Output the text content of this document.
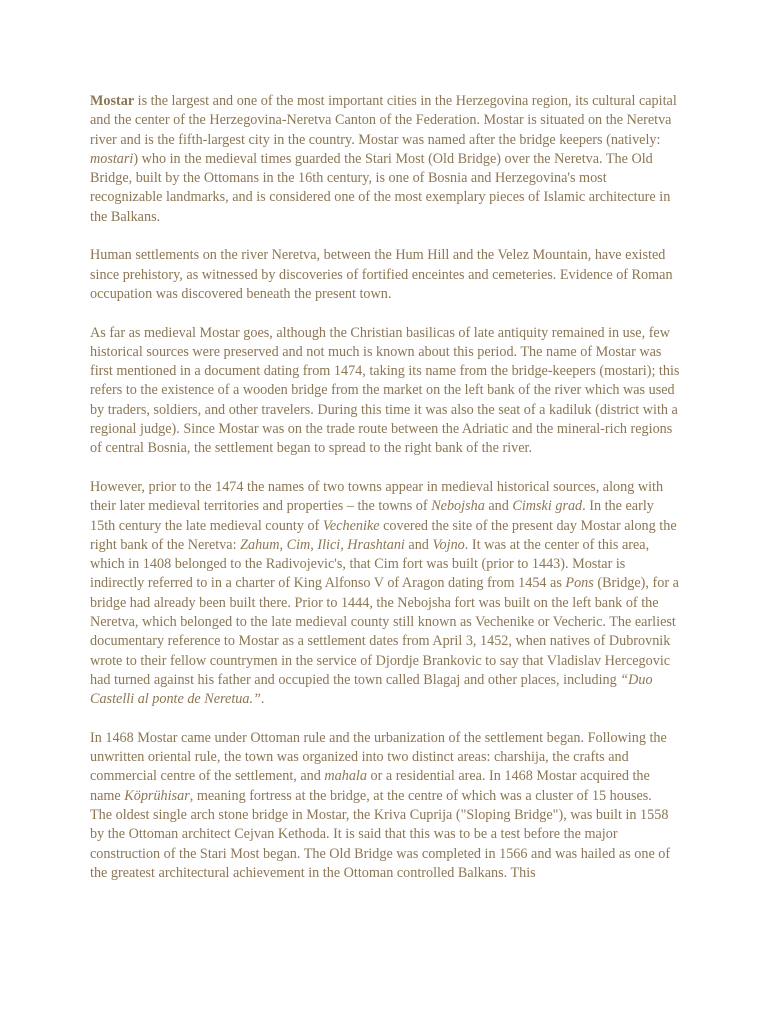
Mostar is the largest and one of the most important cities in the Herzegovina region, its cultural capital and the center of the Herzegovina-Neretva Canton of the Federation. Mostar is situated on the Neretva river and is the fifth-largest city in the country. Mostar was named after the bridge keepers (natively: mostari) who in the medieval times guarded the Stari Most (Old Bridge) over the Neretva. The Old Bridge, built by the Ottomans in the 16th century, is one of Bosnia and Herzegovina's most recognizable landmarks, and is considered one of the most exemplary pieces of Islamic architecture in the Balkans.

Human settlements on the river Neretva, between the Hum Hill and the Velez Mountain, have existed since prehistory, as witnessed by discoveries of fortified enceintes and cemeteries. Evidence of Roman occupation was discovered beneath the present town.

As far as medieval Mostar goes, although the Christian basilicas of late antiquity remained in use, few historical sources were preserved and not much is known about this period. The name of Mostar was first mentioned in a document dating from 1474, taking its name from the bridge-keepers (mostari); this refers to the existence of a wooden bridge from the market on the left bank of the river which was used by traders, soldiers, and other travelers. During this time it was also the seat of a kadiluk (district with a regional judge). Since Mostar was on the trade route between the Adriatic and the mineral-rich regions of central Bosnia, the settlement began to spread to the right bank of the river.

However, prior to the 1474 the names of two towns appear in medieval historical sources, along with their later medieval territories and properties – the towns of Nebojsha and Cimski grad. In the early 15th century the late medieval county of Vechenike covered the site of the present day Mostar along the right bank of the Neretva: Zahum, Cim, Ilici, Hrashtani and Vojno. It was at the center of this area, which in 1408 belonged to the Radivojevic's, that Cim fort was built (prior to 1443). Mostar is indirectly referred to in a charter of King Alfonso V of Aragon dating from 1454 as Pons (Bridge), for a bridge had already been built there. Prior to 1444, the Nebojsha fort was built on the left bank of the Neretva, which belonged to the late medieval county still known as Vechenike or Vecheric. The earliest documentary reference to Mostar as a settlement dates from April 3, 1452, when natives of Dubrovnik wrote to their fellow countrymen in the service of Djordje Brankovic to say that Vladislav Hercegovic had turned against his father and occupied the town called Blagaj and other places, including “Duo Castelli al ponte de Neretua.”.

In 1468 Mostar came under Ottoman rule and the urbanization of the settlement began. Following the unwritten oriental rule, the town was organized into two distinct areas: charshija, the crafts and commercial centre of the settlement, and mahala or a residential area. In 1468 Mostar acquired the name Köprühisar, meaning fortress at the bridge, at the centre of which was a cluster of 15 houses.

The oldest single arch stone bridge in Mostar, the Kriva Cuprija ("Sloping Bridge"), was built in 1558 by the Ottoman architect Cejvan Kethoda. It is said that this was to be a test before the major construction of the Stari Most began. The Old Bridge was completed in 1566 and was hailed as one of the greatest architectural achievement in the Ottoman controlled Balkans. This
